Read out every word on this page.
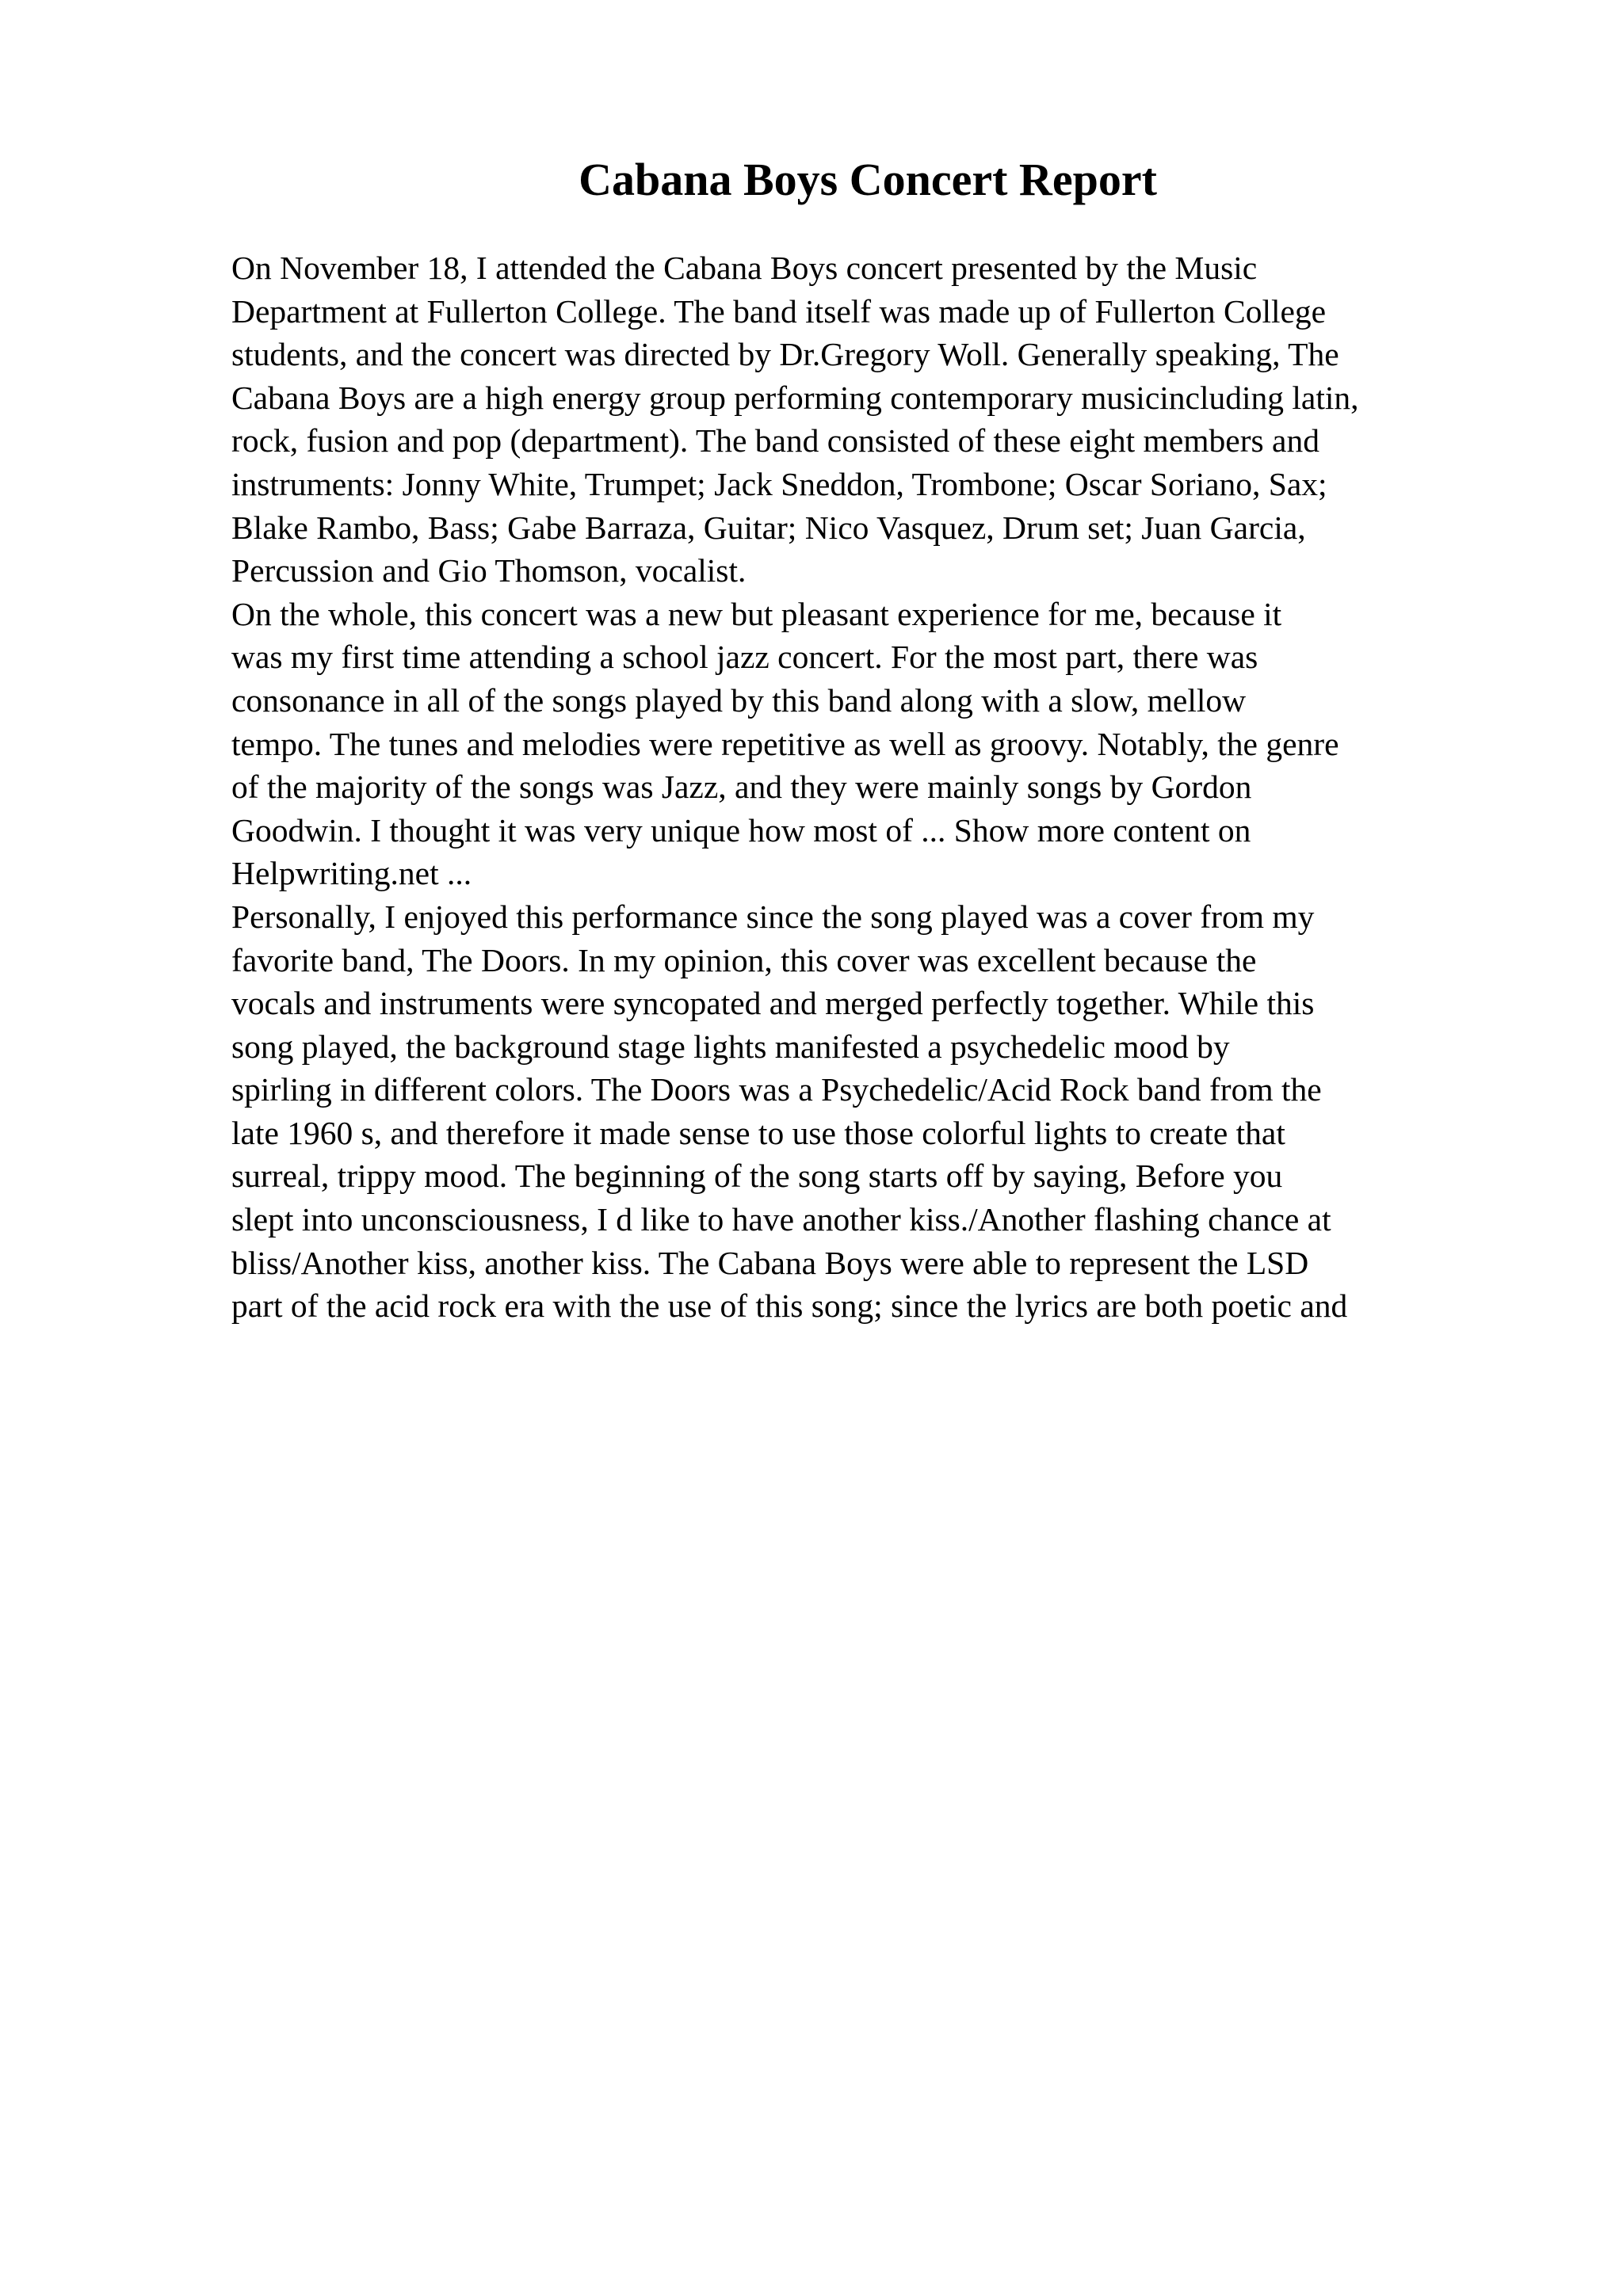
Cabana Boys Concert Report
On November 18, I attended the Cabana Boys concert presented by the Music
Department at Fullerton College. The band itself was made up of Fullerton College
students, and the concert was directed by Dr.Gregory Woll. Generally speaking, The
Cabana Boys are a high energy group performing contemporary musicincluding latin,
rock, fusion and pop (department). The band consisted of these eight members and
instruments: Jonny White, Trumpet; Jack Sneddon, Trombone; Oscar Soriano, Sax;
Blake Rambo, Bass; Gabe Barraza, Guitar; Nico Vasquez, Drum set; Juan Garcia,
Percussion and Gio Thomson, vocalist.
On the whole, this concert was a new but pleasant experience for me, because it
was my first time attending a school jazz concert. For the most part, there was
consonance in all of the songs played by this band along with a slow, mellow
tempo. The tunes and melodies were repetitive as well as groovy. Notably, the genre
of the majority of the songs was Jazz, and they were mainly songs by Gordon
Goodwin. I thought it was very unique how most of ... Show more content on
Helpwriting.net ...
Personally, I enjoyed this performance since the song played was a cover from my
favorite band, The Doors. In my opinion, this cover was excellent because the
vocals and instruments were syncopated and merged perfectly together. While this
song played, the background stage lights manifested a psychedelic mood by
spirling in different colors. The Doors was a Psychedelic/Acid Rock band from the
late 1960 s, and therefore it made sense to use those colorful lights to create that
surreal, trippy mood. The beginning of the song starts off by saying, Before you
slept into unconsciousness, I d like to have another kiss./Another flashing chance at
bliss/Another kiss, another kiss. The Cabana Boys were able to represent the LSD
part of the acid rock era with the use of this song; since the lyrics are both poetic and
